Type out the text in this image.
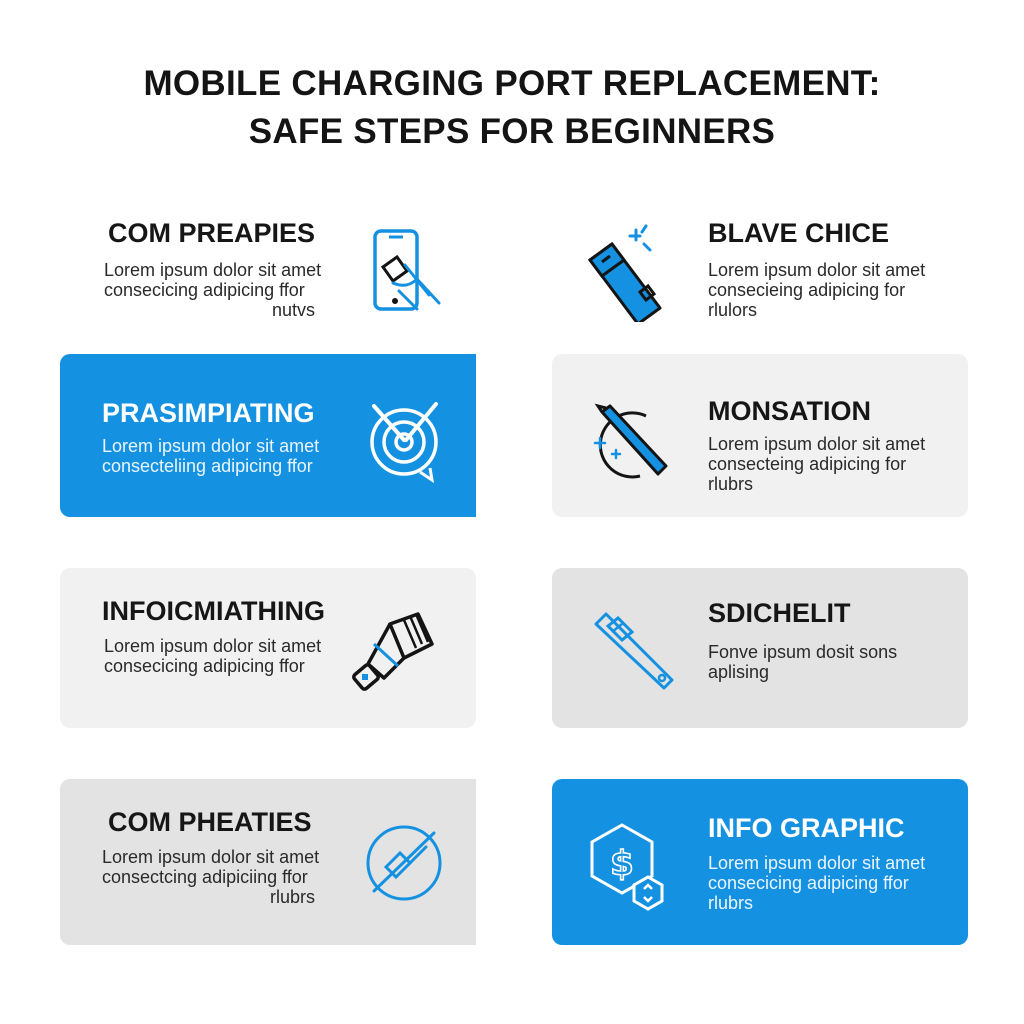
MOBILE CHARGING PORT REPLACEMENT:
SAFE STEPS FOR BEGINNERS
COM PREAPIES
Lorem ipsum dolor sit amet
consecicing adipicing ffor
nutvs
BLAVE CHICE
Lorem ipsum dolor sit amet
consecieing adipicing for
rlulors
PRASIMPIATING
Lorem ipsum dolor sit amet
consecteliing adipicing ffor
MONSATION
Lorem ipsum dolor sit amet
consecteing adipicing for
rlubrs
INFOICMIATHING
Lorem ipsum dolor sit amet
consecicing adipicing ffor
SDICHELIT
Fonve ipsum dosit sons
aplising
COM PHEATIES
Lorem ipsum dolor sit amet
consectcing adipiciing ffor
rlubrs
INFO GRAPHIC
Lorem ipsum dolor sit amet
consecicing adipicing ffor
rlubrs
$
